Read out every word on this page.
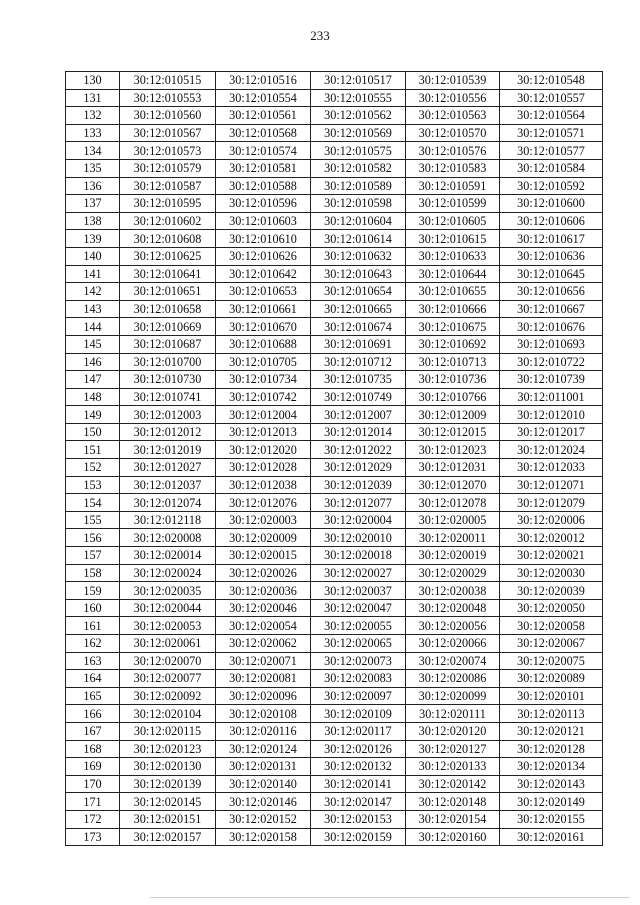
233
130	30:12:010515	30:12:010516	30:12:010517	30:12:010539	30:12:010548
131	30:12:010553	30:12:010554	30:12:010555	30:12:010556	30:12:010557
132	30:12:010560	30:12:010561	30:12:010562	30:12:010563	30:12:010564
133	30:12:010567	30:12:010568	30:12:010569	30:12:010570	30:12:010571
134	30:12:010573	30:12:010574	30:12:010575	30:12:010576	30:12:010577
135	30:12:010579	30:12:010581	30:12:010582	30:12:010583	30:12:010584
136	30:12:010587	30:12:010588	30:12:010589	30:12:010591	30:12:010592
137	30:12:010595	30:12:010596	30:12:010598	30:12:010599	30:12:010600
138	30:12:010602	30:12:010603	30:12:010604	30:12:010605	30:12:010606
139	30:12:010608	30:12:010610	30:12:010614	30:12:010615	30:12:010617
140	30:12:010625	30:12:010626	30:12:010632	30:12:010633	30:12:010636
141	30:12:010641	30:12:010642	30:12:010643	30:12:010644	30:12:010645
142	30:12:010651	30:12:010653	30:12:010654	30:12:010655	30:12:010656
143	30:12:010658	30:12:010661	30:12:010665	30:12:010666	30:12:010667
144	30:12:010669	30:12:010670	30:12:010674	30:12:010675	30:12:010676
145	30:12:010687	30:12:010688	30:12:010691	30:12:010692	30:12:010693
146	30:12:010700	30:12:010705	30:12:010712	30:12:010713	30:12:010722
147	30:12:010730	30:12:010734	30:12:010735	30:12:010736	30:12:010739
148	30:12:010741	30:12:010742	30:12:010749	30:12:010766	30:12:011001
149	30:12:012003	30:12:012004	30:12:012007	30:12:012009	30:12:012010
150	30:12:012012	30:12:012013	30:12:012014	30:12:012015	30:12:012017
151	30:12:012019	30:12:012020	30:12:012022	30:12:012023	30:12:012024
152	30:12:012027	30:12:012028	30:12:012029	30:12:012031	30:12:012033
153	30:12:012037	30:12:012038	30:12:012039	30:12:012070	30:12:012071
154	30:12:012074	30:12:012076	30:12:012077	30:12:012078	30:12:012079
155	30:12:012118	30:12:020003	30:12:020004	30:12:020005	30:12:020006
156	30:12:020008	30:12:020009	30:12:020010	30:12:020011	30:12:020012
157	30:12:020014	30:12:020015	30:12:020018	30:12:020019	30:12:020021
158	30:12:020024	30:12:020026	30:12:020027	30:12:020029	30:12:020030
159	30:12:020035	30:12:020036	30:12:020037	30:12:020038	30:12:020039
160	30:12:020044	30:12:020046	30:12:020047	30:12:020048	30:12:020050
161	30:12:020053	30:12:020054	30:12:020055	30:12:020056	30:12:020058
162	30:12:020061	30:12:020062	30:12:020065	30:12:020066	30:12:020067
163	30:12:020070	30:12:020071	30:12:020073	30:12:020074	30:12:020075
164	30:12:020077	30:12:020081	30:12:020083	30:12:020086	30:12:020089
165	30:12:020092	30:12:020096	30:12:020097	30:12:020099	30:12:020101
166	30:12:020104	30:12:020108	30:12:020109	30:12:020111	30:12:020113
167	30:12:020115	30:12:020116	30:12:020117	30:12:020120	30:12:020121
168	30:12:020123	30:12:020124	30:12:020126	30:12:020127	30:12:020128
169	30:12:020130	30:12:020131	30:12:020132	30:12:020133	30:12:020134
170	30:12:020139	30:12:020140	30:12:020141	30:12:020142	30:12:020143
171	30:12:020145	30:12:020146	30:12:020147	30:12:020148	30:12:020149
172	30:12:020151	30:12:020152	30:12:020153	30:12:020154	30:12:020155
173	30:12:020157	30:12:020158	30:12:020159	30:12:020160	30:12:020161
